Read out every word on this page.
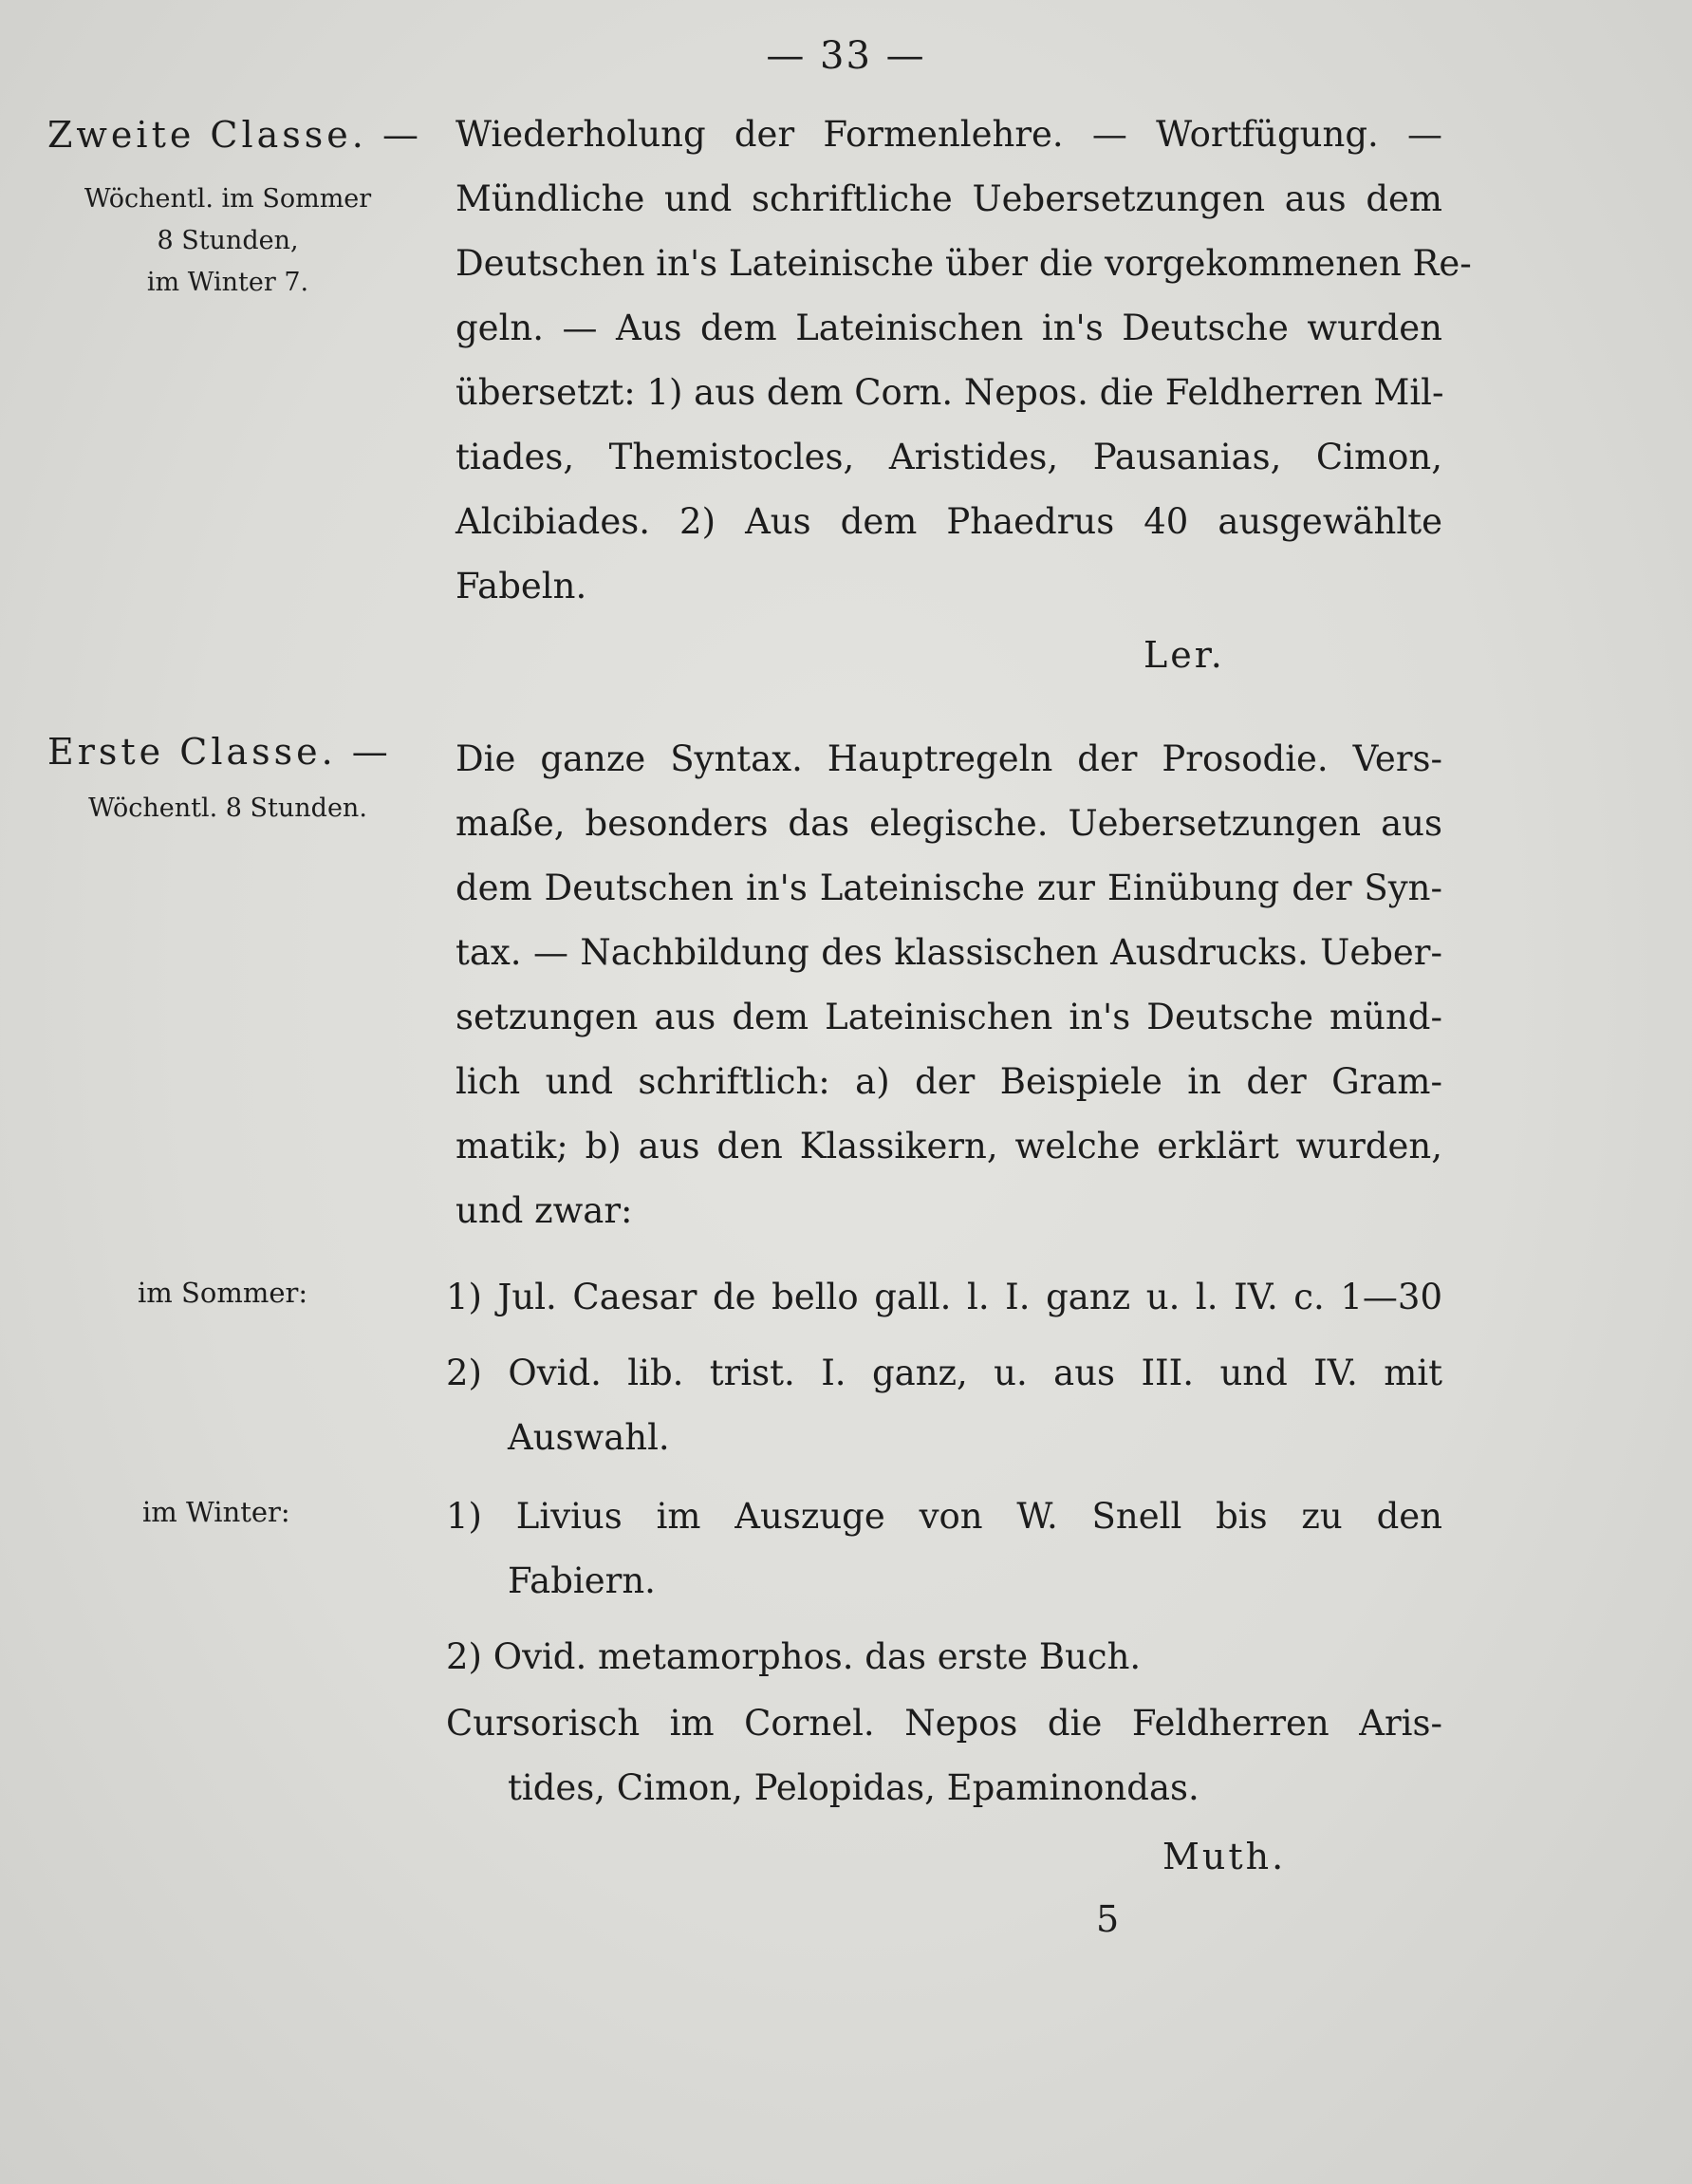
— 33 —
Zweite Classe. —
Wöchentl. im Sommer
8 Stunden,
im Winter 7.
Wiederholung der Formenlehre. — Wortfügung. —
Mündliche und schriftliche Uebersetzungen aus dem
Deutschen in's Lateinische über die vorgekommenen Re-
geln. — Aus dem Lateinischen in's Deutsche wurden
übersetzt: 1) aus dem Corn. Nepos. die Feldherren Mil-
tiades, Themistocles, Aristides, Pausanias, Cimon,
Alcibiades. 2) Aus dem Phaedrus 40 ausgewählte
Fabeln.
Ler.
Erste Classe. —
Wöchentl. 8 Stunden.
Die ganze Syntax. Hauptregeln der Prosodie. Vers-
maße, besonders das elegische. Uebersetzungen aus
dem Deutschen in's Lateinische zur Einübung der Syn-
tax. — Nachbildung des klassischen Ausdrucks. Ueber-
setzungen aus dem Lateinischen in's Deutsche münd-
lich und schriftlich: a) der Beispiele in der Gram-
matik; b) aus den Klassikern, welche erklärt wurden,
und zwar:
im Sommer:	1) Jul. Caesar de bello gall. l. I. ganz u. l. IV. c. 1—30
2) Ovid. lib. trist. I. ganz, u. aus III. und IV. mit
Auswahl.
im Winter:	1) Livius im Auszuge von W. Snell bis zu den
Fabiern.
2) Ovid. metamorphos. das erste Buch.
Cursorisch im Cornel. Nepos die Feldherren Aris-
tides, Cimon, Pelopidas, Epaminondas.
Muth.
5
